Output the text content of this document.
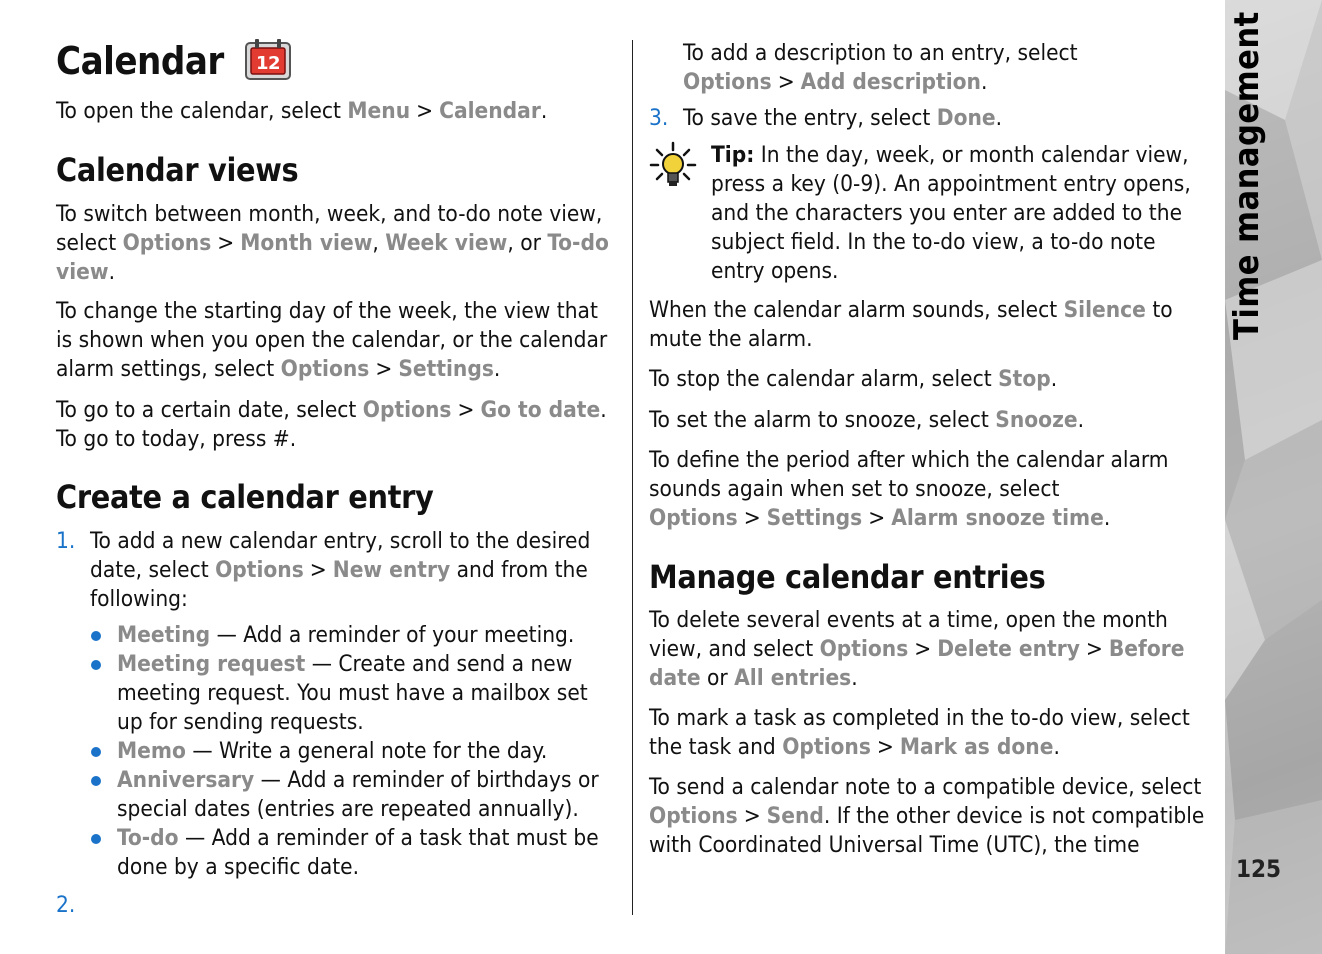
Time management
125
Calendar 12

To open the calendar, select Menu > Calendar.

Calendar views

To switch between month, week, and to-do note view, select Options > Month view, Week view, or To-do view.

To change the starting day of the week, the view that is shown when you open the calendar, or the calendar alarm settings, select Options > Settings.

To go to a certain date, select Options > Go to date. To go to today, press #.

Create a calendar entry
1. To add a new calendar entry, scroll to the desired date, select Options > New entry and from the following:

Meeting — Add a reminder of your meeting.
Meeting request — Create and send a new meeting request. You must have a mailbox set up for sending requests.
Memo — Write a general note for the day.
Anniversary — Add a reminder of birthdays or special dates (entries are repeated annually).
To-do — Add a reminder of a task that must be done by a specific date.
2.

To add a description to an entry, select Options > Add description.

3. To save the entry, select Done.

Tip: In the day, week, or month calendar view, press a key (0-9). An appointment entry opens, and the characters you enter are added to the subject field. In the to-do view, a to-do note entry opens.

When the calendar alarm sounds, select Silence to mute the alarm.

To stop the calendar alarm, select Stop.

To set the alarm to snooze, select Snooze.

To define the period after which the calendar alarm sounds again when set to snooze, select Options > Settings > Alarm snooze time.

Manage calendar entries

To delete several events at a time, open the month view, and select Options > Delete entry > Before date or All entries.

To mark a task as completed in the to-do view, select the task and Options > Mark as done.

To send a calendar note to a compatible device, select Options > Send. If the other device is not compatible with Coordinated Universal Time (UTC), the time
